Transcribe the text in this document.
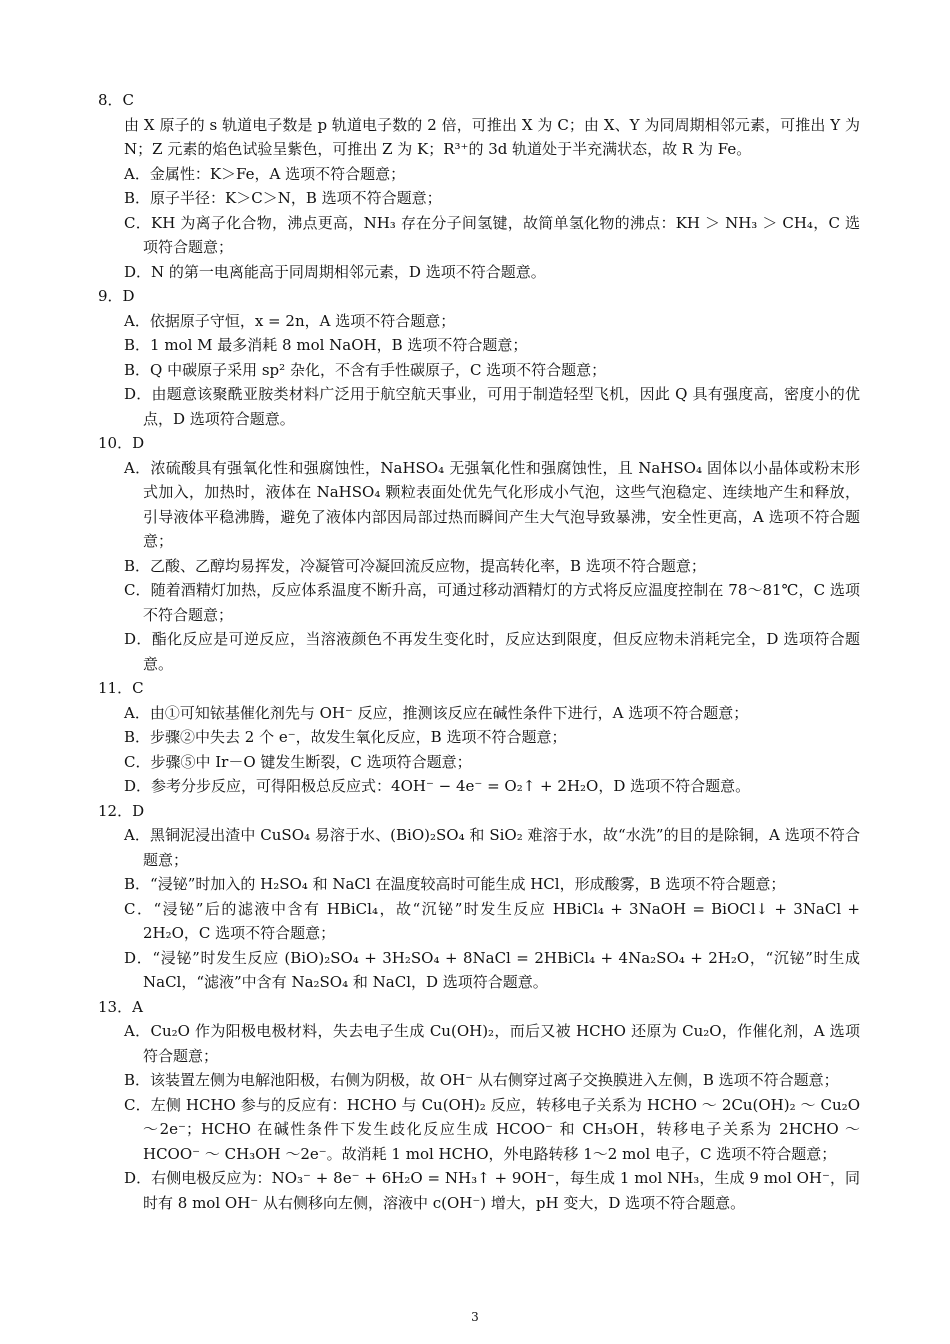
8．C
由 X 原子的 s 轨道电子数是 p 轨道电子数的 2 倍，可推出 X 为 C；由 X、Y 为同周期相邻元素，可推出 Y 为 N；Z 元素的焰色试验呈紫色，可推出 Z 为 K；R³⁺的 3d 轨道处于半充满状态，故 R 为 Fe。
A．金属性：K＞Fe，A 选项不符合题意；
B．原子半径：K＞C＞N，B 选项不符合题意；
C．KH 为离子化合物，沸点更高，NH₃ 存在分子间氢键，故简单氢化物的沸点：KH ＞ NH₃ ＞ CH₄，C 选项符合题意；
D．N 的第一电离能高于同周期相邻元素，D 选项不符合题意。
9．D
A．依据原子守恒，x = 2n，A 选项不符合题意；
B．1 mol M 最多消耗 8 mol NaOH，B 选项不符合题意；
B．Q 中碳原子采用 sp² 杂化，不含有手性碳原子，C 选项不符合题意；
D．由题意该聚酰亚胺类材料广泛用于航空航天事业，可用于制造轻型飞机，因此 Q 具有强度高，密度小的优点，D 选项符合题意。
10．D
A．浓硫酸具有强氧化性和强腐蚀性，NaHSO₄ 无强氧化性和强腐蚀性，且 NaHSO₄ 固体以小晶体或粉末形式加入，加热时，液体在 NaHSO₄ 颗粒表面处优先气化形成小气泡，这些气泡稳定、连续地产生和释放，引导液体平稳沸腾，避免了液体内部因局部过热而瞬间产生大气泡导致暴沸，安全性更高，A 选项不符合题意；
B．乙酸、乙醇均易挥发，冷凝管可冷凝回流反应物，提高转化率，B 选项不符合题意；
C．随着酒精灯加热，反应体系温度不断升高，可通过移动酒精灯的方式将反应温度控制在 78～81℃，C 选项不符合题意；
D．酯化反应是可逆反应，当溶液颜色不再发生变化时，反应达到限度，但反应物未消耗完全，D 选项符合题意。
11．C
A．由①可知铱基催化剂先与 OH⁻ 反应，推测该反应在碱性条件下进行，A 选项不符合题意；
B．步骤②中失去 2 个 e⁻，故发生氧化反应，B 选项不符合题意；
C．步骤⑤中 Ir－O 键发生断裂，C 选项符合题意；
D．参考分步反应，可得阳极总反应式：4OH⁻ − 4e⁻ = O₂↑ + 2H₂O，D 选项不符合题意。
12．D
A．黑铜泥浸出渣中 CuSO₄ 易溶于水、(BiO)₂SO₄ 和 SiO₂ 难溶于水，故“水洗”的目的是除铜，A 选项不符合题意；
B．“浸铋”时加入的 H₂SO₄ 和 NaCl 在温度较高时可能生成 HCl，形成酸雾，B 选项不符合题意；
C．“浸铋”后的滤液中含有 HBiCl₄，故“沉铋”时发生反应 HBiCl₄ + 3NaOH = BiOCl↓ + 3NaCl + 2H₂O，C 选项不符合题意；
D．“浸铋”时发生反应 (BiO)₂SO₄ + 3H₂SO₄ + 8NaCl = 2HBiCl₄ + 4Na₂SO₄ + 2H₂O，“沉铋”时生成 NaCl，“滤液”中含有 Na₂SO₄ 和 NaCl，D 选项符合题意。
13．A
A．Cu₂O 作为阳极电极材料，失去电子生成 Cu(OH)₂，而后又被 HCHO 还原为 Cu₂O，作催化剂，A 选项符合题意；
B．该装置左侧为电解池阳极，右侧为阴极，故 OH⁻ 从右侧穿过离子交换膜进入左侧，B 选项不符合题意；
C．左侧 HCHO 参与的反应有：HCHO 与 Cu(OH)₂ 反应，转移电子关系为 HCHO ～ 2Cu(OH)₂ ～ Cu₂O ～2e⁻；HCHO 在碱性条件下发生歧化反应生成 HCOO⁻ 和 CH₃OH，转移电子关系为 2HCHO ～ HCOO⁻ ～ CH₃OH ～2e⁻。故消耗 1 mol HCHO，外电路转移 1～2 mol 电子，C 选项不符合题意；
D．右侧电极反应为：NO₃⁻ + 8e⁻ + 6H₂O = NH₃↑ + 9OH⁻，每生成 1 mol NH₃，生成 9 mol OH⁻，同时有 8 mol OH⁻ 从右侧移向左侧，溶液中 c(OH⁻) 增大，pH 变大，D 选项不符合题意。
3
